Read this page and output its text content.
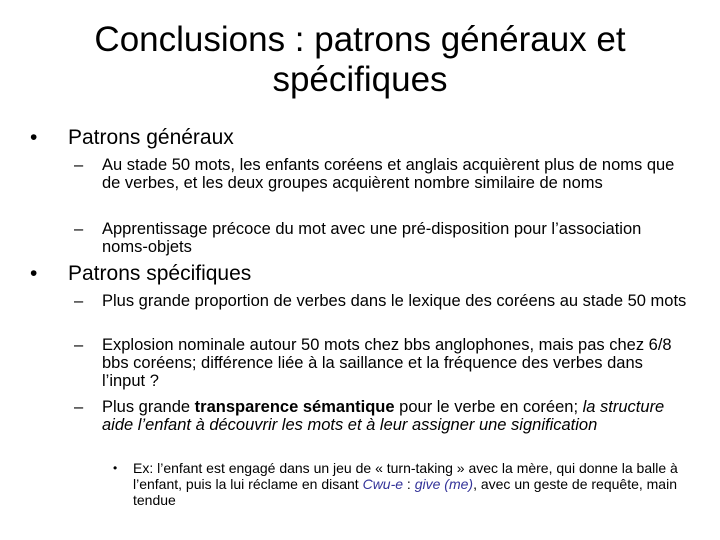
Conclusions : patrons généraux et spécifiques
•	Patrons généraux
–	Au stade 50 mots, les enfants coréens et anglais acquièrent plus de noms que de verbes, et les deux groupes acquièrent nombre similaire de noms
–	Apprentissage précoce du mot avec une pré-disposition pour l’association noms-objets
•	Patrons spécifiques
–	Plus grande proportion de verbes dans le lexique des coréens au stade 50 mots
–	Explosion nominale autour 50 mots chez bbs anglophones, mais pas chez 6/8 bbs coréens; différence liée à la saillance et la fréquence des verbes dans l’input ?
–	Plus grande transparence sémantique pour le verbe en coréen; la structure aide l’enfant à découvrir les mots et à leur assigner une signification
•	Ex: l’enfant est engagé dans un jeu de « turn-taking » avec la mère, qui donne la balle à l’enfant, puis la lui réclame en disant Cwu-e : give (me), avec un geste de requête, main tendue
